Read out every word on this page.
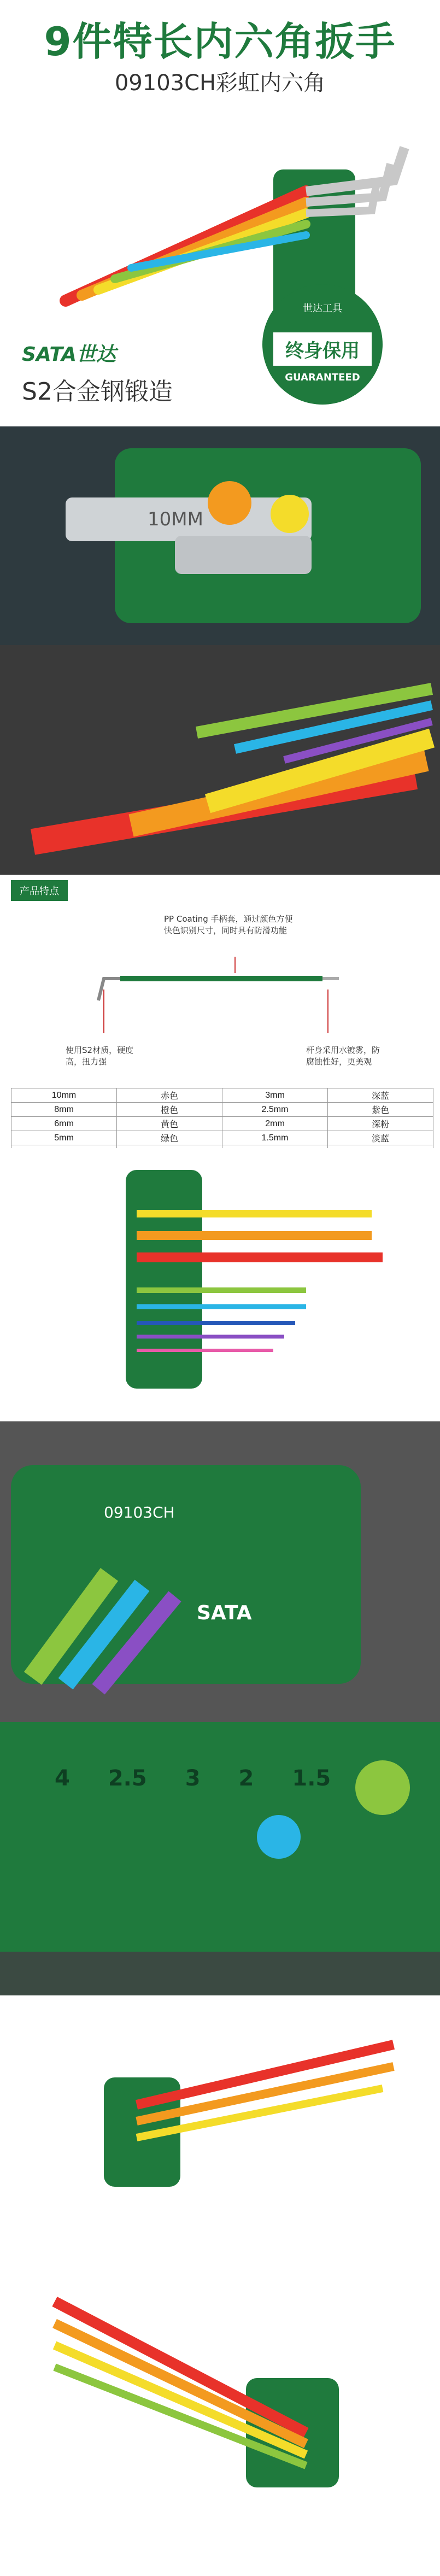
9件特长内六角扳手
09103CH彩虹内六角
SATA世达
S2合金钢锻造
世达工具
终身保用
GUARANTEED
10MM
产品特点
PP Coating 手柄套，通过颜色方便
快色识别尺寸，同时具有防滑功能
使用S2材质，硬度
高，扭力强
杆身采用水镀雾，防
腐蚀性好，更美观
10mm	赤色	3mm	深蓝
8mm	橙色	2.5mm	紫色
6mm	黄色	2mm	深粉
5mm	绿色	1.5mm	淡蓝

09103CH
SATA
4 2.5 3 2 1.5
